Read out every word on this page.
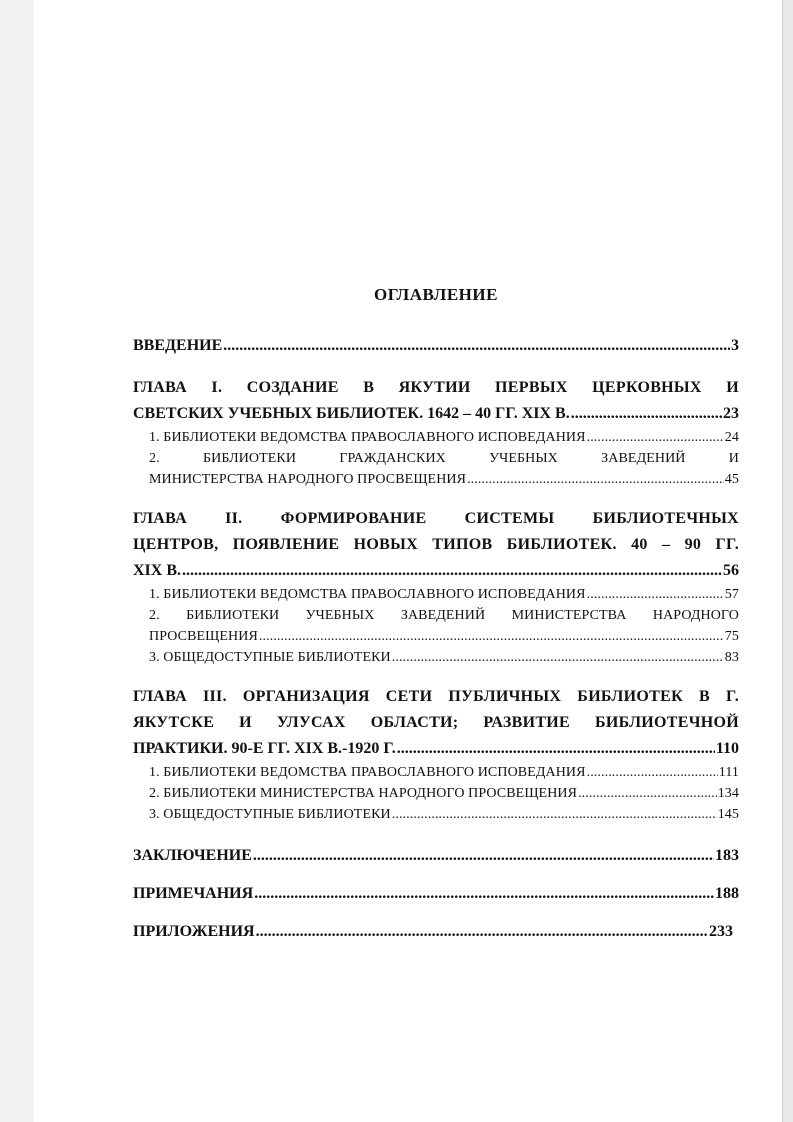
ОГЛАВЛЕНИЕ
ВВЕДЕНИЕ .....	3
ГЛАВА I. СОЗДАНИЕ В ЯКУТИИ ПЕРВЫХ ЦЕРКОВНЫХ И
СВЕТСКИХ УЧЕБНЫХ БИБЛИОТЕК. 1642 – 40 ГГ. XIX В. .....	23
1. БИБЛИОТЕКИ ВЕДОМСТВА ПРАВОСЛАВНОГО ИСПОВЕДАНИЯ .....	24
2. БИБЛИОТЕКИ ГРАЖДАНСКИХ УЧЕБНЫХ ЗАВЕДЕНИЙ И
МИНИСТЕРСТВА НАРОДНОГО ПРОСВЕЩЕНИЯ .....	45
ГЛАВА II. ФОРМИРОВАНИЕ СИСТЕМЫ БИБЛИОТЕЧНЫХ
ЦЕНТРОВ, ПОЯВЛЕНИЕ НОВЫХ ТИПОВ БИБЛИОТЕК. 40 – 90 ГГ.
XIX В. .....	56
1. БИБЛИОТЕКИ ВЕДОМСТВА ПРАВОСЛАВНОГО ИСПОВЕДАНИЯ .....	57
2. БИБЛИОТЕКИ УЧЕБНЫХ ЗАВЕДЕНИЙ МИНИСТЕРСТВА НАРОДНОГО
ПРОСВЕЩЕНИЯ .....	75
3. ОБЩЕДОСТУПНЫЕ БИБЛИОТЕКИ .....	83
ГЛАВА III. ОРГАНИЗАЦИЯ СЕТИ ПУБЛИЧНЫХ БИБЛИОТЕК В Г.
ЯКУТСКЕ И УЛУСАХ ОБЛАСТИ; РАЗВИТИЕ БИБЛИОТЕЧНОЙ
ПРАКТИКИ. 90-Е ГГ. XIX В.-1920 Г. .....	110
1. БИБЛИОТЕКИ ВЕДОМСТВА ПРАВОСЛАВНОГО ИСПОВЕДАНИЯ .....	111
2. БИБЛИОТЕКИ МИНИСТЕРСТВА НАРОДНОГО ПРОСВЕЩЕНИЯ .....	134
3. ОБЩЕДОСТУПНЫЕ БИБЛИОТЕКИ .....	145
ЗАКЛЮЧЕНИЕ .....	183
ПРИМЕЧАНИЯ .....	188
ПРИЛОЖЕНИЯ .....	233
